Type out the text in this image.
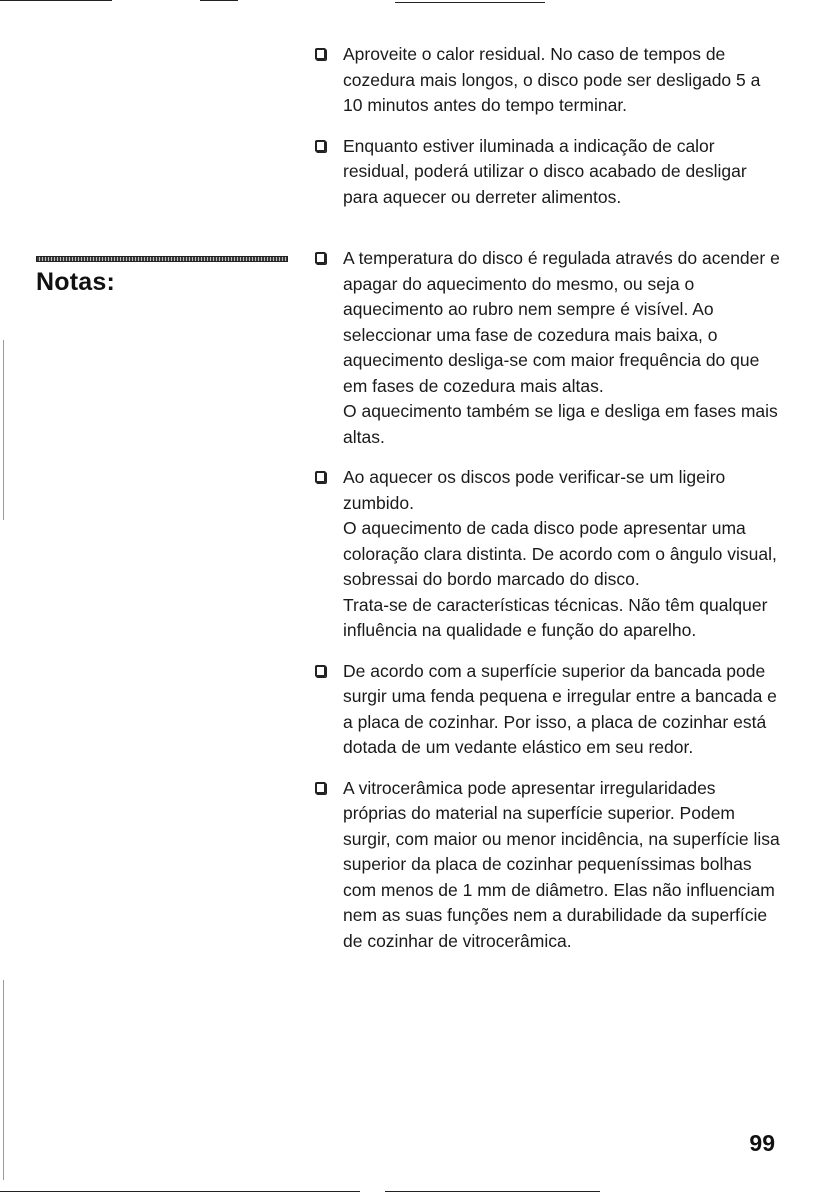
Notas:
Aproveite o calor residual. No caso de tempos de cozedura mais longos, o disco pode ser desligado 5 a 10 minutos antes do tempo terminar.
Enquanto estiver iluminada a indicação de calor residual, poderá utilizar o disco acabado de desligar para aquecer ou derreter alimentos.
A temperatura do disco é regulada através do acender e apagar do aquecimento do mesmo, ou seja o aquecimento ao rubro nem sempre é visível. Ao seleccionar uma fase de cozedura mais baixa, o aquecimento desliga-se com maior frequência do que em fases de cozedura mais altas.
O aquecimento também se liga e desliga em fases mais altas.
Ao aquecer os discos pode verificar-se um ligeiro zumbido.
O aquecimento de cada disco pode apresentar uma coloração clara distinta. De acordo com o ângulo visual, sobressai do bordo marcado do disco.
Trata-se de características técnicas. Não têm qualquer influência na qualidade e função do aparelho.
De acordo com a superfície superior da bancada pode surgir uma fenda pequena e irregular entre a bancada e a placa de cozinhar. Por isso, a placa de cozinhar está dotada de um vedante elástico em seu redor.
A vitrocerâmica pode apresentar irregularidades próprias do material na superfície superior. Podem surgir, com maior ou menor incidência, na superfície lisa superior da placa de cozinhar pequeníssimas bolhas com menos de 1 mm de diâmetro. Elas não influenciam nem as suas funções nem a durabilidade da superfície de cozinhar de vitrocerâmica.
99
